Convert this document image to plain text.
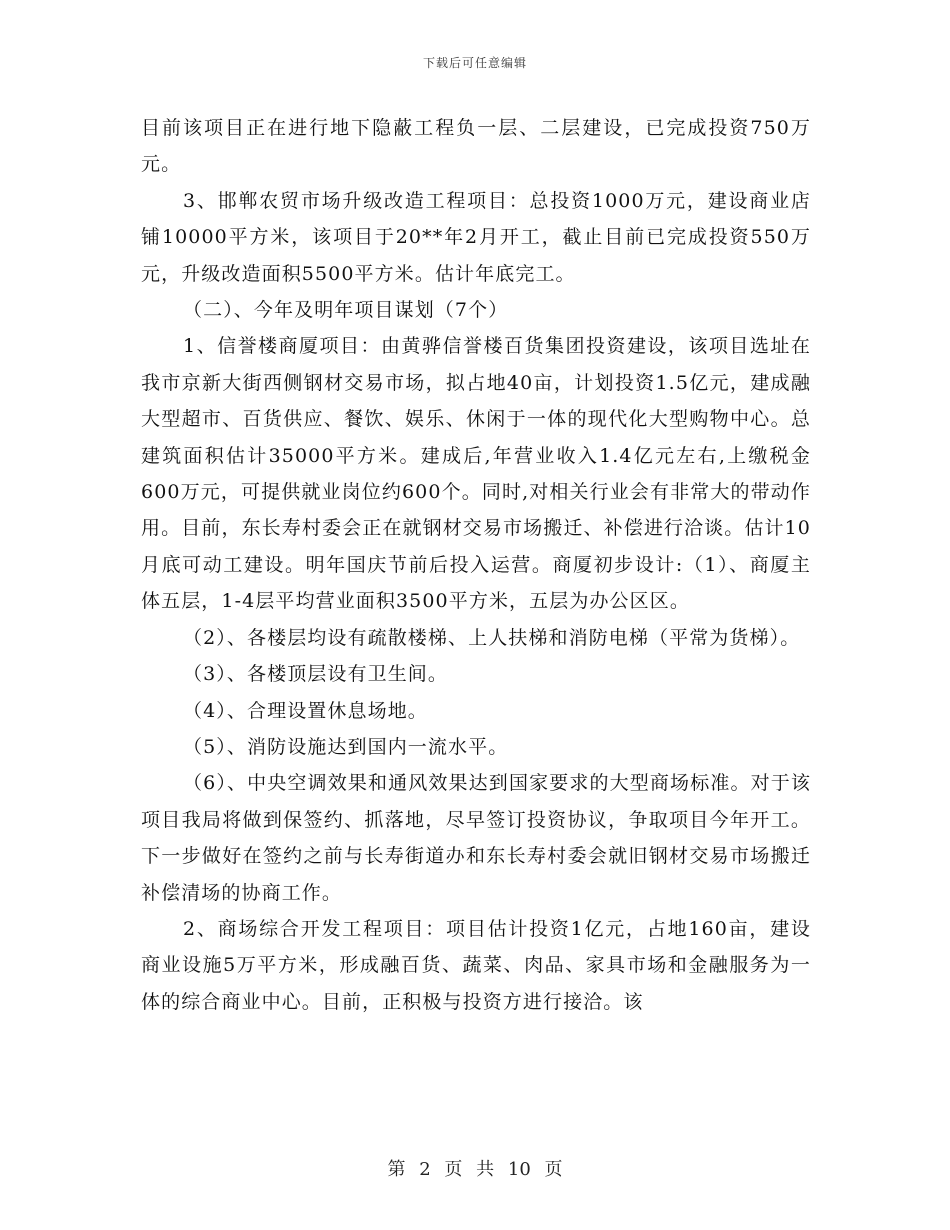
下载后可任意编辑

目前该项目正在进行地下隐蔽工程负一层、二层建设，已完成投资750万元。

3、邯郸农贸市场升级改造工程项目：总投资1000万元，建设商业店铺10000平方米，该项目于20**年2月开工，截止目前已完成投资550万元，升级改造面积5500平方米。估计年底完工。

（二）、今年及明年项目谋划（7个）

1、信誉楼商厦项目：由黄骅信誉楼百货集团投资建设，该项目选址在我市京新大街西侧钢材交易市场，拟占地40亩，计划投资1.5亿元，建成融大型超市、百货供应、餐饮、娱乐、休闲于一体的现代化大型购物中心。总建筑面积估计35000平方米。建成后,年营业收入1.4亿元左右,上缴税金600万元，可提供就业岗位约600个。同时,对相关行业会有非常大的带动作用。目前，东长寿村委会正在就钢材交易市场搬迁、补偿进行洽谈。估计10月底可动工建设。明年国庆节前后投入运营。商厦初步设计:（1）、商厦主体五层，1-4层平均营业面积3500平方米，五层为办公区区。

（2）、各楼层均设有疏散楼梯、上人扶梯和消防电梯（平常为货梯）。

（3）、各楼顶层设有卫生间。

（4）、合理设置休息场地。

（5）、消防设施达到国内一流水平。

（6）、中央空调效果和通风效果达到国家要求的大型商场标准。对于该项目我局将做到保签约、抓落地，尽早签订投资协议，争取项目今年开工。下一步做好在签约之前与长寿街道办和东长寿村委会就旧钢材交易市场搬迁补偿清场的协商工作。

2、商场综合开发工程项目：项目估计投资1亿元，占地160亩，建设商业设施5万平方米，形成融百货、蔬菜、肉品、家具市场和金融服务为一体的综合商业中心。目前，正积极与投资方进行接洽。该

第 2 页 共 10 页
